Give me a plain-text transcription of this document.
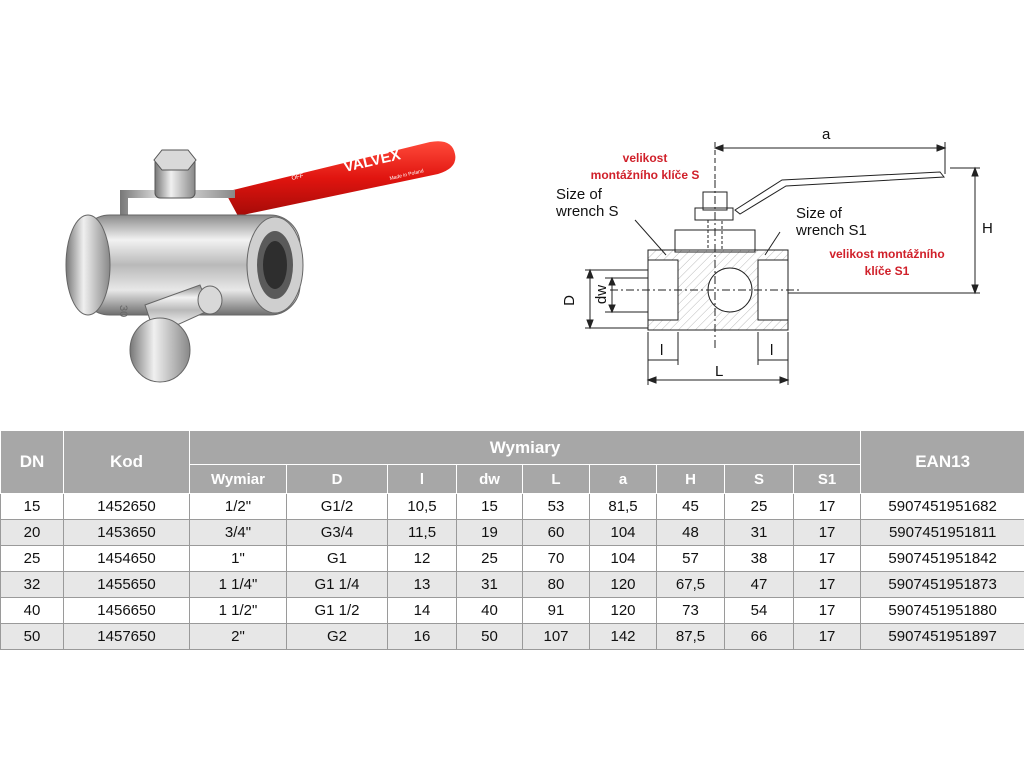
VALVEX
ON
OFF	Made in Poland
30
a
H
D dw
l	l
L
velikost
montážního klíče S
Size of
wrench S	Size of
wrench S1
velikost montážního
klíče S1
DN	Kod	Wymiary									EAN13
		Wymiar	D	l	dw	L	a	H	S	S1	
15	1452650	1/2"	G1/2	10,5	15	53	81,5	45	25	17	5907451951682
20	1453650	3/4"	G3/4	11,5	19	60	104	48	31	17	5907451951811
25	1454650	1"	G1	12	25	70	104	57	38	17	5907451951842
32	1455650	1 1/4"	G1 1/4	13	31	80	120	67,5	47	17	5907451951873
40	1456650	1 1/2"	G1 1/2	14	40	91	120	73	54	17	5907451951880
50	1457650	2"	G2	16	50	107	142	87,5	66	17	5907451951897
